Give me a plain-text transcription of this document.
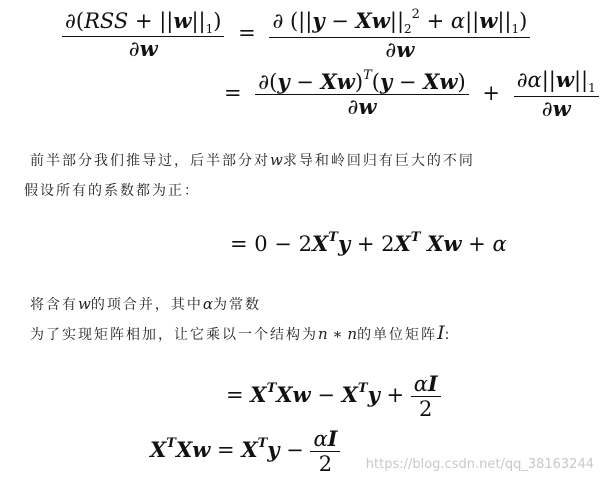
$\frac{\partial(RSS + ||w||_1)}{\partial w} = \frac{\partial (||y - Xw||_2^2 + \alpha||w||_1)}{\partial w}$
= $\frac{\partial(y - Xw)^T(y - Xw)}{\partial w} + \frac{\partial\alpha||w||_1}{\partial w}$
前半部分我们推导过，后半部分对w求导和岭回归有巨大的不同
假设所有的系数都为正：
= $0 - 2X^Ty + 2X^T$ Xw + α
将含有w的项合并，其中α为常数
为了实现矩阵相加，让它乘以一个结构为n ∗ n的单位矩阵I:
= $X^TXw - X^Ty + \frac{\alpha I}{2}$
$X^TXw = X^Ty - \frac{\alpha I}{2}$ https://blog.csdn.net/qq_38163244
